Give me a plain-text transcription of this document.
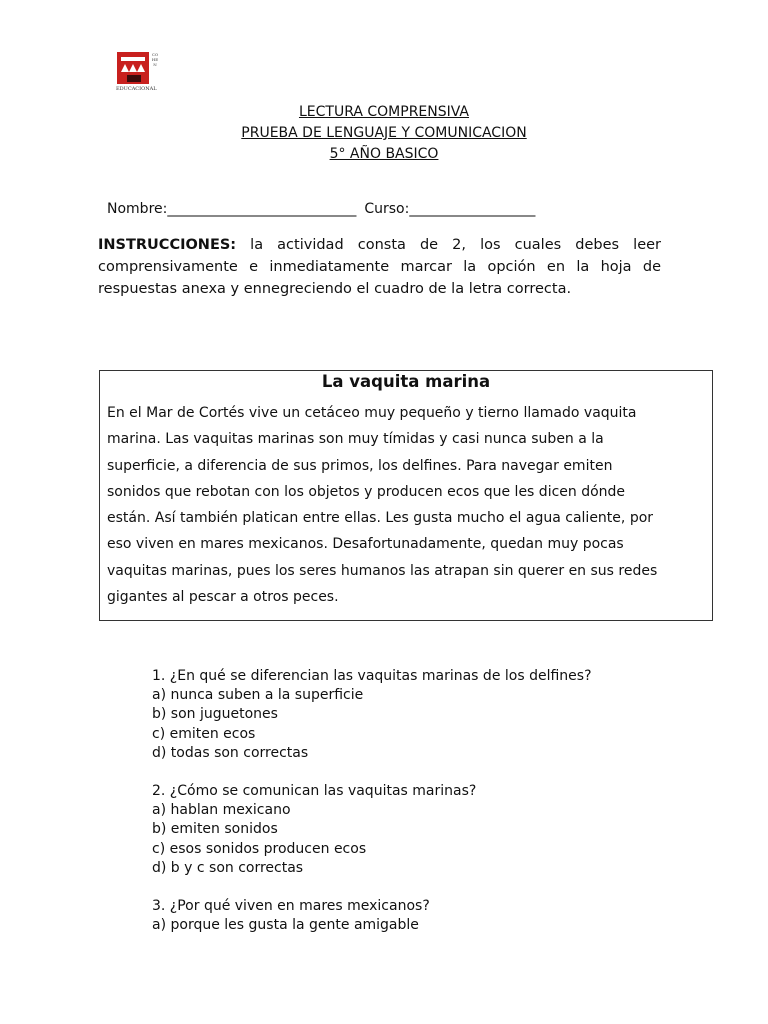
COHEN
EDUCACIONAL
LECTURA COMPRENSIVA
PRUEBA DE LENGUAJE Y COMUNICACION
5° AÑO BASICO
Nombre:___________________________ Curso:__________________
INSTRUCCIONES: la actividad consta de 2, los cuales debes leer comprensivamente e inmediatamente marcar la opción en la hoja de respuestas anexa y ennegreciendo el cuadro de la letra correcta.
La vaquita marina
En el Mar de Cortés vive un cetáceo muy pequeño y tierno llamado vaquita
marina. Las vaquitas marinas son muy tímidas y casi nunca suben a la
superficie, a diferencia de sus primos, los delfines. Para navegar emiten
sonidos que rebotan con los objetos y producen ecos que les dicen dónde
están. Así también platican entre ellas. Les gusta mucho el agua caliente, por
eso viven en mares mexicanos. Desafortunadamente, quedan muy pocas
vaquitas marinas, pues los seres humanos las atrapan sin querer en sus redes
gigantes al pescar a otros peces.
1. ¿En qué se diferencian las vaquitas marinas de los delfines?
a) nunca suben a la superficie
b) son juguetones
c) emiten ecos
d) todas son correctas
2. ¿Cómo se comunican las vaquitas marinas?
a) hablan mexicano
b) emiten sonidos
c) esos sonidos producen ecos
d) b y c son correctas
3. ¿Por qué viven en mares mexicanos?
a) porque les gusta la gente amigable
